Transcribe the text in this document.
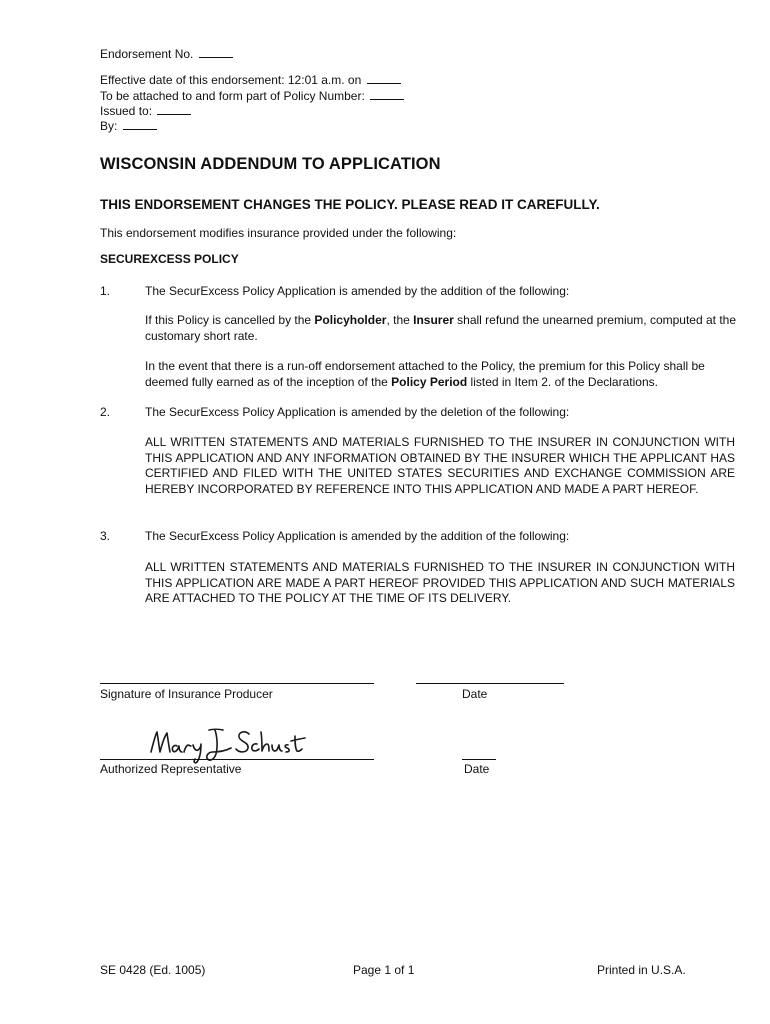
Endorsement No.
Effective date of this endorsement: 12:01 a.m. on
To be attached to and form part of Policy Number:
Issued to:
By:
WISCONSIN ADDENDUM TO APPLICATION
THIS ENDORSEMENT CHANGES THE POLICY. PLEASE READ IT CAREFULLY.
This endorsement modifies insurance provided under the following:
SECUREXCESS POLICY
1.	The SecurExcess Policy Application is amended by the addition of the following:
If this Policy is cancelled by the Policyholder, the Insurer shall refund the unearned premium, computed at the customary short rate.
In the event that there is a run-off endorsement attached to the Policy, the premium for this Policy shall be deemed fully earned as of the inception of the Policy Period listed in Item 2. of the Declarations.
2.	The SecurExcess Policy Application is amended by the deletion of the following:
ALL WRITTEN STATEMENTS AND MATERIALS FURNISHED TO THE INSURER IN CONJUNCTION WITH THIS APPLICATION AND ANY INFORMATION OBTAINED BY THE INSURER WHICH THE APPLICANT HAS CERTIFIED AND FILED WITH THE UNITED STATES SECURITIES AND EXCHANGE COMMISSION ARE HEREBY INCORPORATED BY REFERENCE INTO THIS APPLICATION AND MADE A PART HEREOF.
3.	The SecurExcess Policy Application is amended by the addition of the following:
ALL WRITTEN STATEMENTS AND MATERIALS FURNISHED TO THE INSURER IN CONJUNCTION WITH THIS APPLICATION ARE MADE A PART HEREOF PROVIDED THIS APPLICATION AND SUCH MATERIALS ARE ATTACHED TO THE POLICY AT THE TIME OF ITS DELIVERY.
Signature of Insurance Producer	Date
Authorized Representative	Date
SE 0428 (Ed. 1005)	Page 1 of 1	Printed in U.S.A.
